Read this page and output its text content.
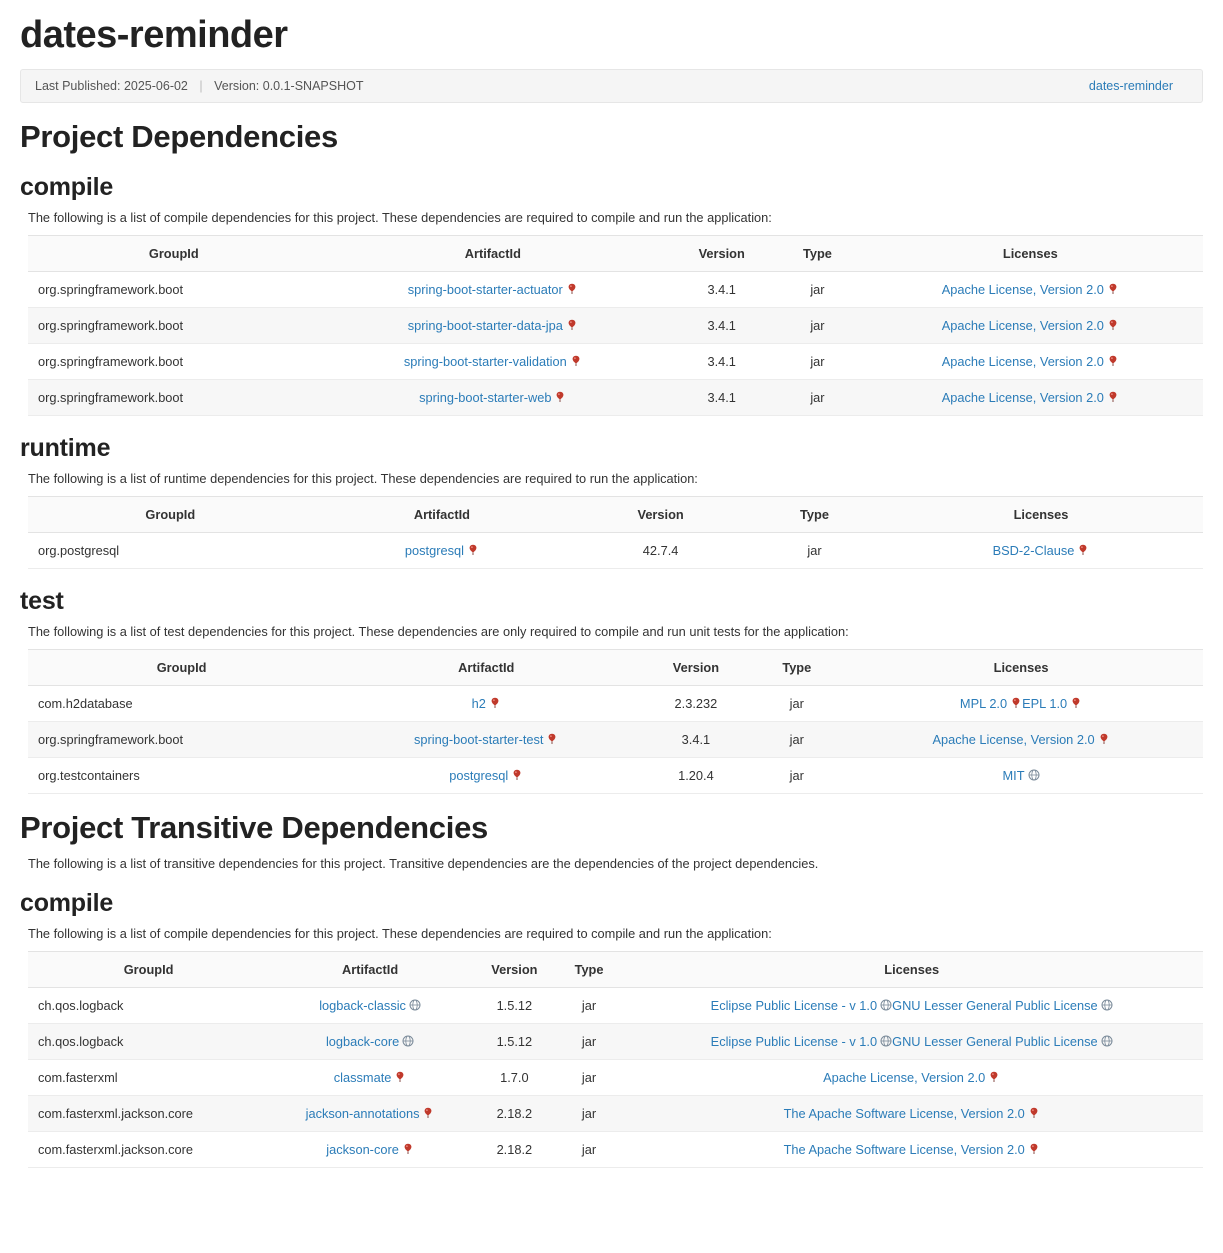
dates-reminder
Last Published: 2025-06-02 | Version: 0.0.1-SNAPSHOT	dates-reminder
Project Dependencies
compile

The following is a list of compile dependencies for this project. These dependencies are required to compile and run the application:

GroupId	ArtifactId	Version	Type	Licenses
org.springframework.boot	spring-boot-starter-actuator	3.4.1	jar	Apache License, Version 2.0
org.springframework.boot	spring-boot-starter-data-jpa	3.4.1	jar	Apache License, Version 2.0
org.springframework.boot	spring-boot-starter-validation	3.4.1	jar	Apache License, Version 2.0
org.springframework.boot	spring-boot-starter-web	3.4.1	jar	Apache License, Version 2.0
runtime

The following is a list of runtime dependencies for this project. These dependencies are required to run the application:

GroupId	ArtifactId	Version	Type	Licenses
org.postgresql	postgresql	42.7.4	jar	BSD-2-Clause
test

The following is a list of test dependencies for this project. These dependencies are only required to compile and run unit tests for the application:

GroupId	ArtifactId	Version	Type	Licenses
com.h2database	h2	2.3.232	jar	MPL 2.0 EPL 1.0
org.springframework.boot	spring-boot-starter-test	3.4.1	jar	Apache License, Version 2.0
org.testcontainers	postgresql	1.20.4	jar	MIT
Project Transitive Dependencies

The following is a list of transitive dependencies for this project. Transitive dependencies are the dependencies of the project dependencies.

compile

The following is a list of compile dependencies for this project. These dependencies are required to compile and run the application:

GroupId	ArtifactId	Version	Type	Licenses
ch.qos.logback	logback-classic	1.5.12	jar	Eclipse Public License - v 1.0 GNU Lesser General Public License
ch.qos.logback	logback-core	1.5.12	jar	Eclipse Public License - v 1.0 GNU Lesser General Public License
com.fasterxml	classmate	1.7.0	jar	Apache License, Version 2.0
com.fasterxml.jackson.core	jackson-annotations	2.18.2	jar	The Apache Software License, Version 2.0
com.fasterxml.jackson.core	jackson-core	2.18.2	jar	The Apache Software License, Version 2.0
